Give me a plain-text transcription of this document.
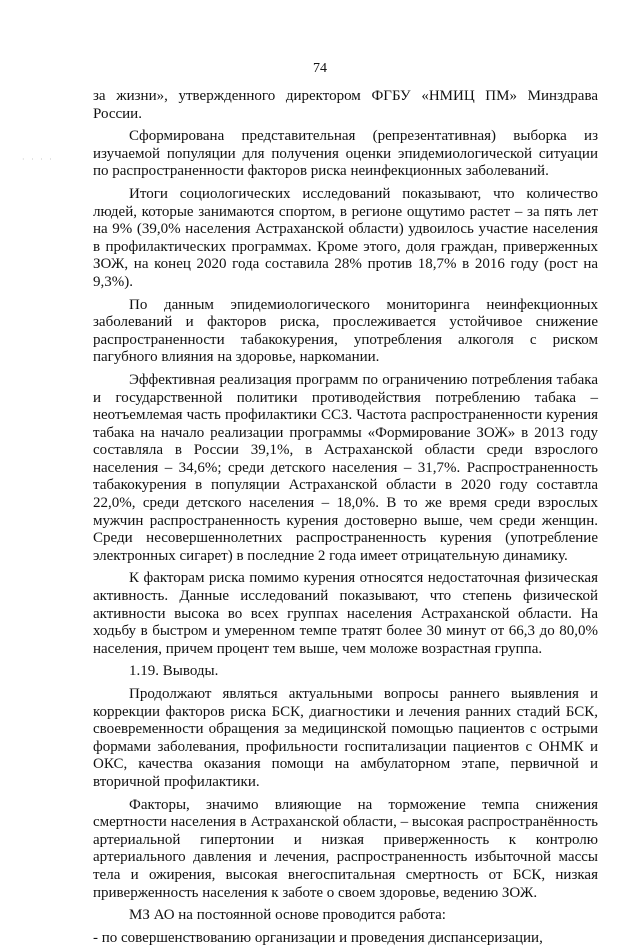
74
· · · ·

за жизни», утвержденного директором ФГБУ «НМИЦ ПМ» Минздрава России.

Сформирована представительная (репрезентативная) выборка из изучаемой популяции для получения оценки эпидемиологической ситуации по распространенности факторов риска неинфекционных заболеваний.

Итоги социологических исследований показывают, что количество людей, которые занимаются спортом, в регионе ощутимо растет – за пять лет на 9% (39,0% населения Астраханской области) удвоилось участие населения в профилактических программах. Кроме этого, доля граждан, приверженных ЗОЖ, на конец 2020 года составила 28% против 18,7% в 2016 году (рост на 9,3%).

По данным эпидемиологического мониторинга неинфекционных заболеваний и факторов риска, прослеживается устойчивое снижение распространенности табакокурения, употребления алкоголя с риском пагубного влияния на здоровье, наркомании.

Эффективная реализация программ по ограничению потребления табака и государственной политики противодействия потреблению табака – неотъемлемая часть профилактики ССЗ. Частота распространенности курения табака на начало реализации программы «Формирование ЗОЖ» в 2013 году составляла в России 39,1%, в Астраханской области среди взрослого населения – 34,6%; среди детского населения – 31,7%. Распространенность табакокурения в популяции Астраханской области в 2020 году составтла 22,0%, среди детского населения – 18,0%. В то же время среди взрослых мужчин распространенность курения достоверно выше, чем среди женщин. Среди несовершеннолетних распространенность курения (употребление электронных сигарет) в последние 2 года имеет отрицательную динамику.

К факторам риска помимо курения относятся недостаточная физическая активность. Данные исследований показывают, что степень физической активности высока во всех группах населения Астраханской области. На ходьбу в быстром и умеренном темпе тратят более 30 минут от 66,3 до 80,0% населения, причем процент тем выше, чем моложе возрастная группа.

1.19. Выводы.

Продолжают являться актуальными вопросы раннего выявления и коррекции факторов риска БСК, диагностики и лечения ранних стадий БСК, своевременности обращения за медицинской помощью пациентов с острыми формами заболевания, профильности госпитализации пациентов с ОНМК и ОКС, качества оказания помощи на амбулаторном этапе, первичной и вторичной профилактики.

Факторы, значимо влияющие на торможение темпа снижения смертности населения в Астраханской области, – высокая распространённость артериальной гипертонии и низкая приверженность к контролю артериального давления и лечения, распространенность избыточной массы тела и ожирения, высокая внегоспитальная смертность от БСК, низкая приверженность населения к заботе о своем здоровье, ведению ЗОЖ.

МЗ АО на постоянной основе проводится работа:

- по совершенствованию организации и проведения диспансеризации,
